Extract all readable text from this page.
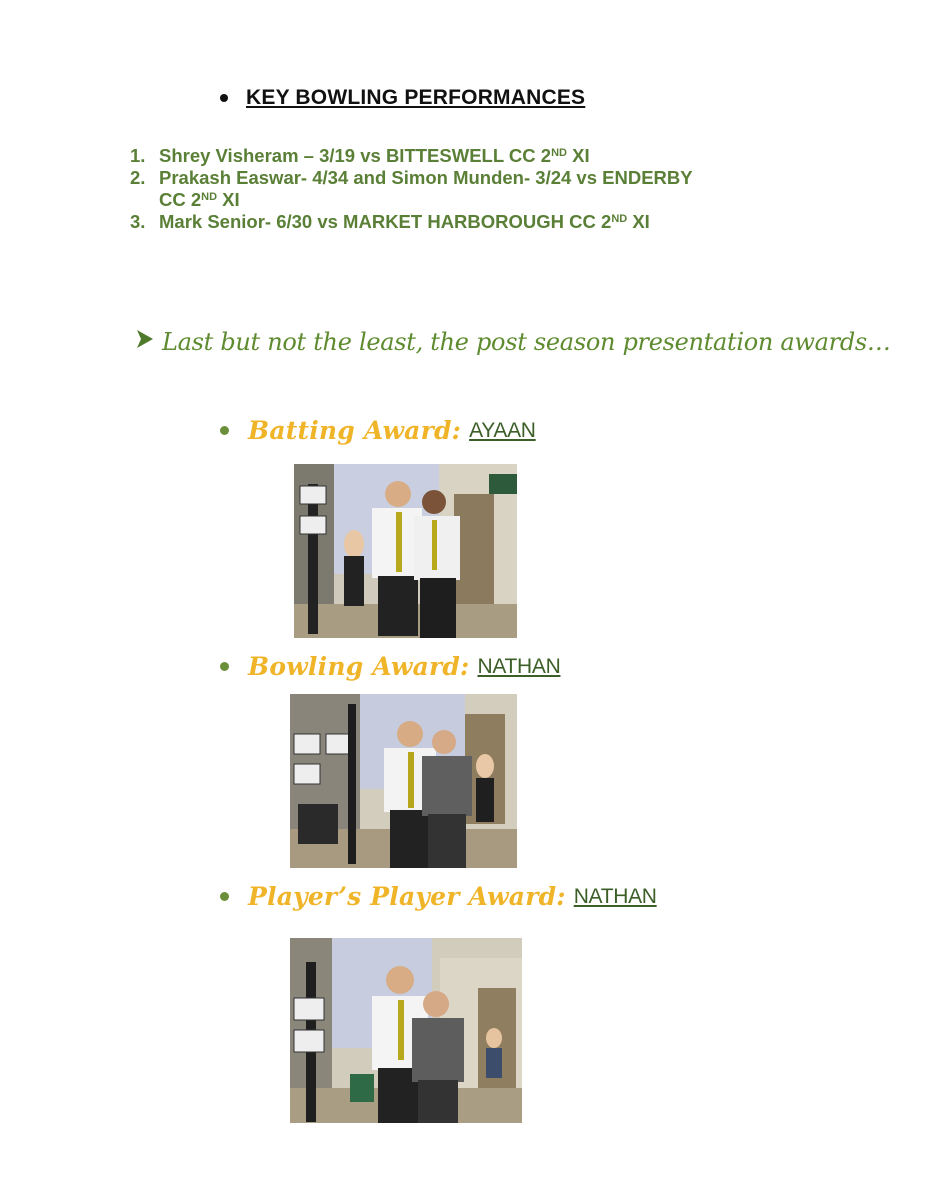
KEY BOWLING PERFORMANCES
1. Shrey Visheram – 3/19 vs BITTESWELL CC 2ND XI
2. Prakash Easwar- 4/34 and Simon Munden- 3/24 vs ENDERBY
CC 2ND XI
3. Mark Senior- 6/30 vs MARKET HARBOROUGH CC 2ND XI
Last but not the least, the post season presentation awards…
Batting Award: AYAAN
Bowling Award: NATHAN
Player’s Player Award: NATHAN
